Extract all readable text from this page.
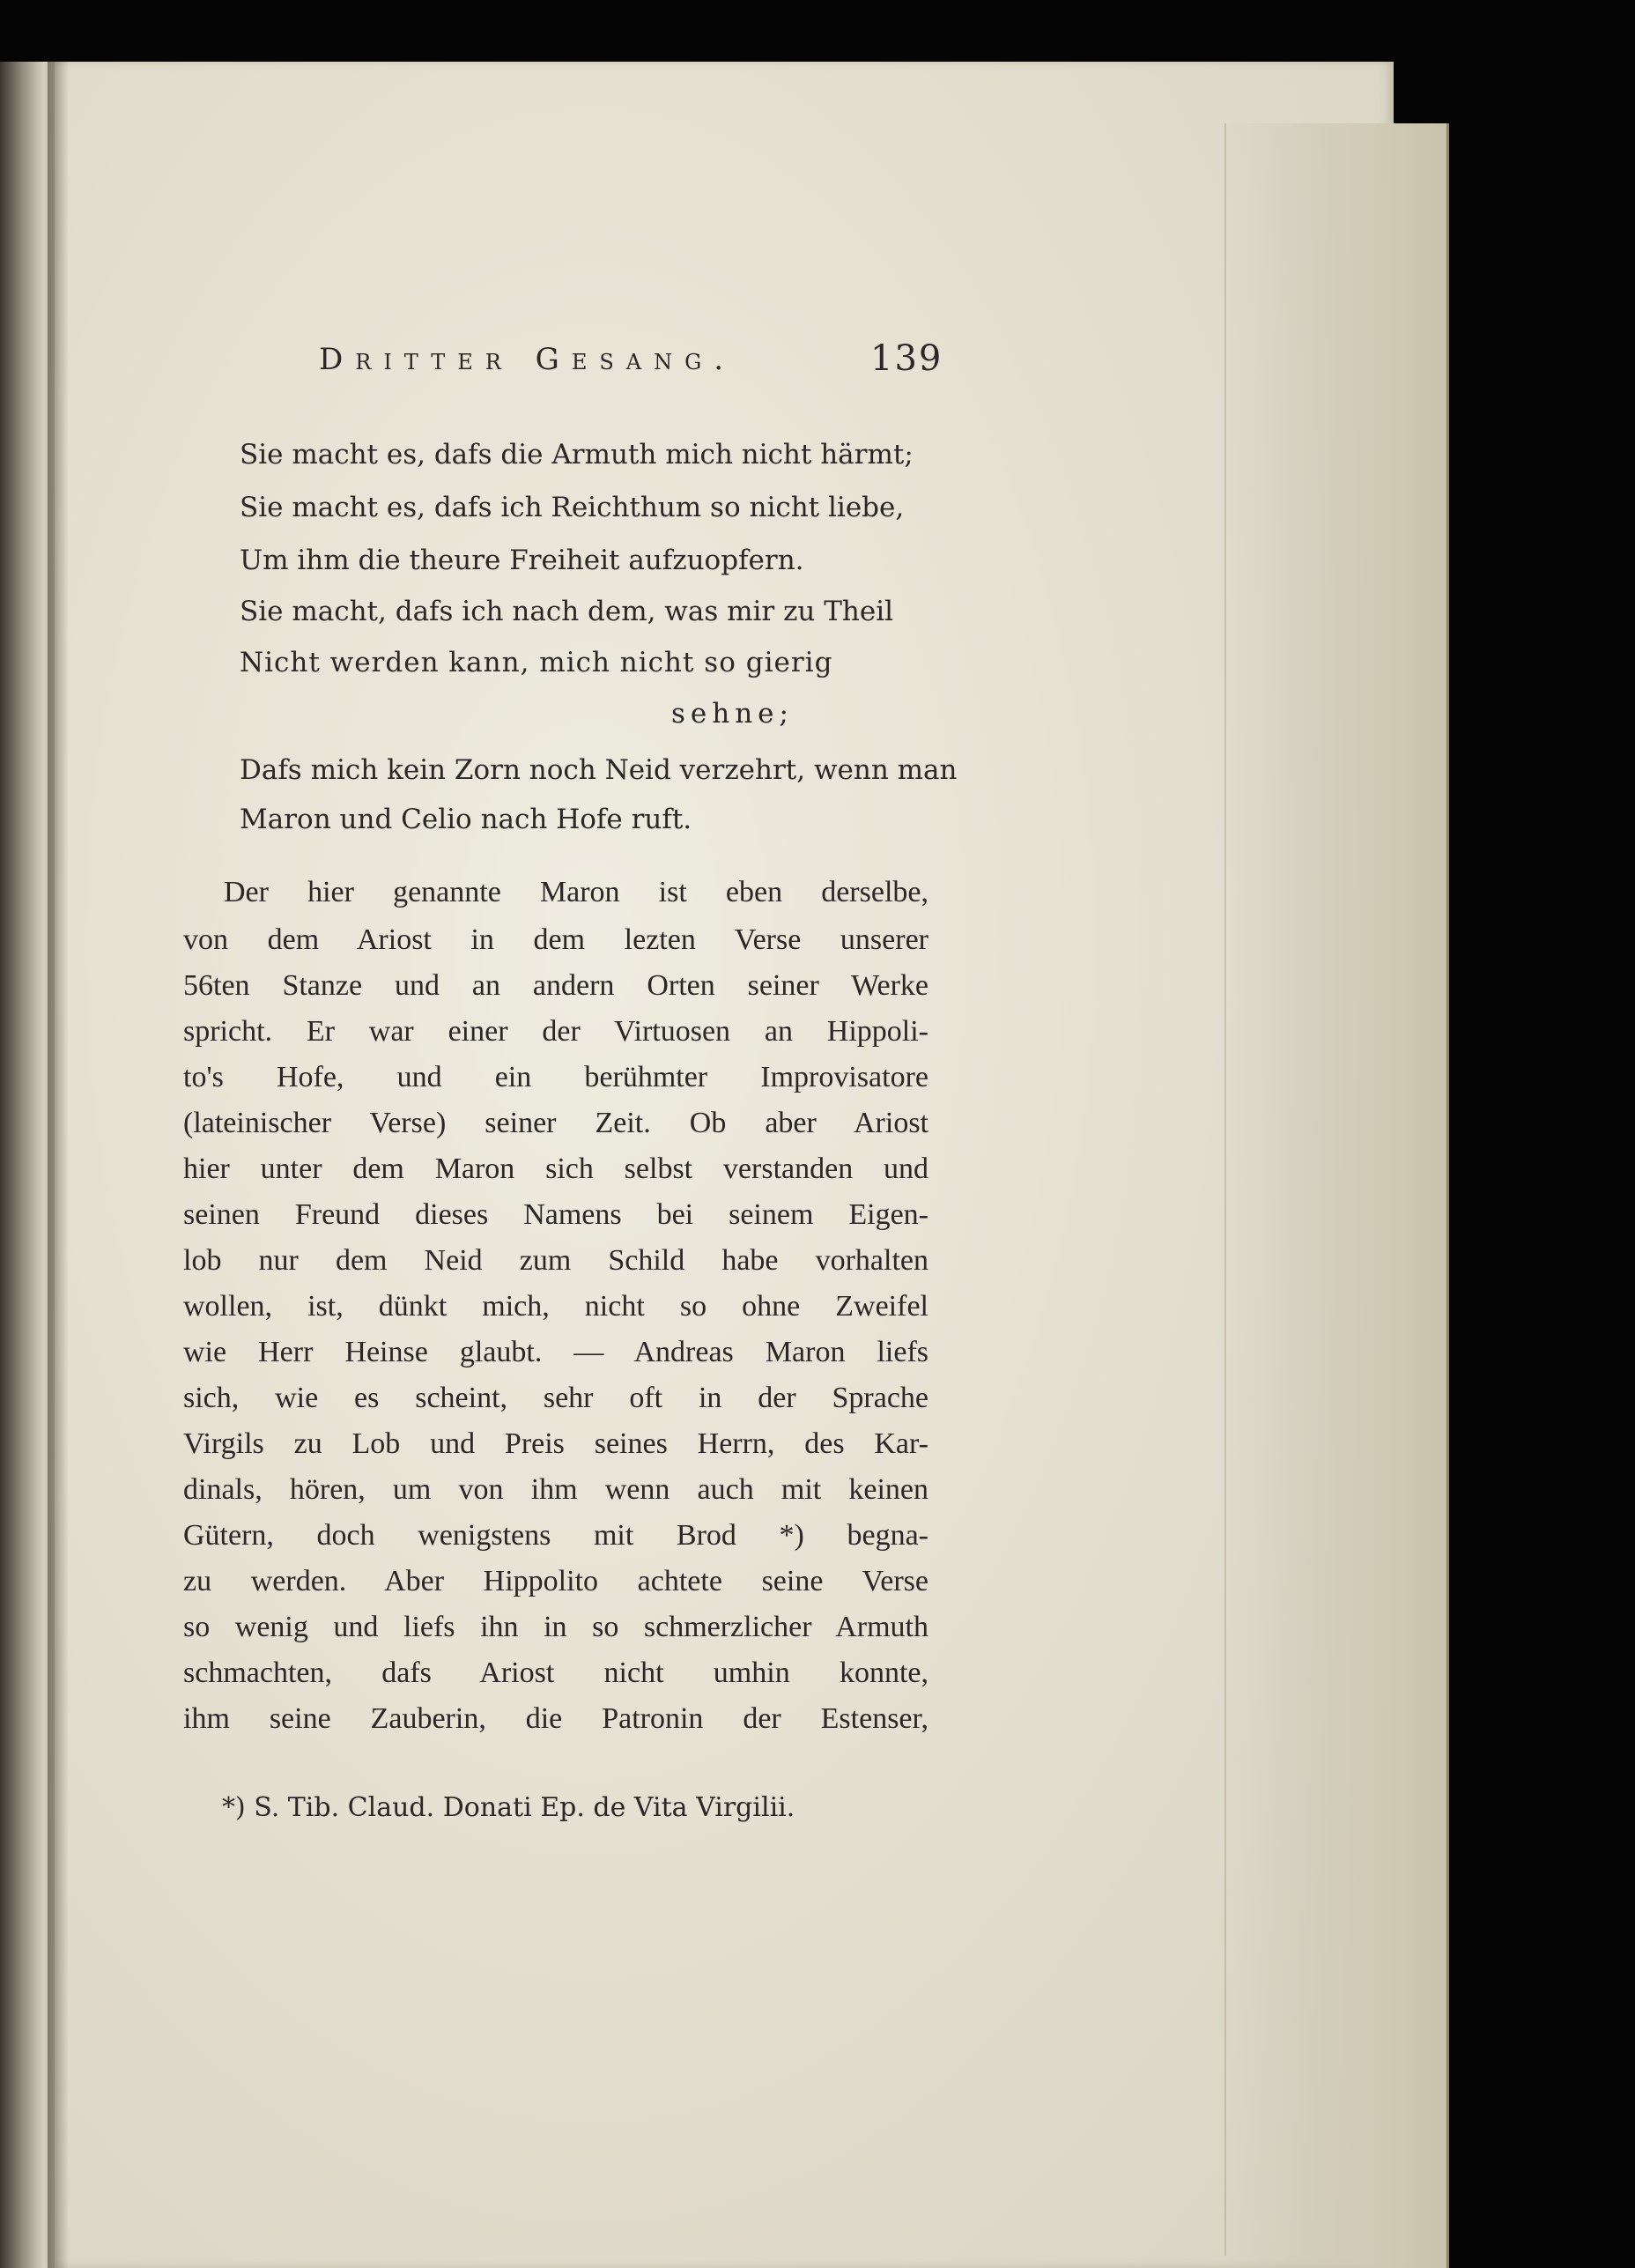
Dritter Gesang.	139
Sie macht es, dafs die Armuth mich nicht härmt;
Sie macht es, dafs ich Reichthum so nicht liebe,
Um ihm die theure Freiheit aufzuopfern.
Sie macht, dafs ich nach dem, was mir zu Theil
Nicht werden kann, mich nicht so gierig
sehne;
Dafs mich kein Zorn noch Neid verzehrt, wenn man
Maron und Celio nach Hofe ruft.
Der hier genannte Maron ist eben derselbe,
von dem Ariost in dem lezten Verse unserer
56ten Stanze und an andern Orten seiner Werke
spricht. Er war einer der Virtuosen an Hippoli-
to's Hofe, und ein berühmter Improvisatore
(lateinischer Verse) seiner Zeit. Ob aber Ariost
hier unter dem Maron sich selbst verstanden und
seinen Freund dieses Namens bei seinem Eigen-
lob nur dem Neid zum Schild habe vorhalten
wollen, ist, dünkt mich, nicht so ohne Zweifel
wie Herr Heinse glaubt. — Andreas Maron liefs
sich, wie es scheint, sehr oft in der Sprache
Virgils zu Lob und Preis seines Herrn, des Kar-
dinals, hören, um von ihm wenn auch mit keinen
Gütern, doch wenigstens mit Brod *) begna-
zu werden. Aber Hippolito achtete seine Verse
so wenig und liefs ihn in so schmerzlicher Armuth
schmachten, dafs Ariost nicht umhin konnte,
ihm seine Zauberin, die Patronin der Estenser,
*) S. Tib. Claud. Donati Ep. de Vita Virgilii.
